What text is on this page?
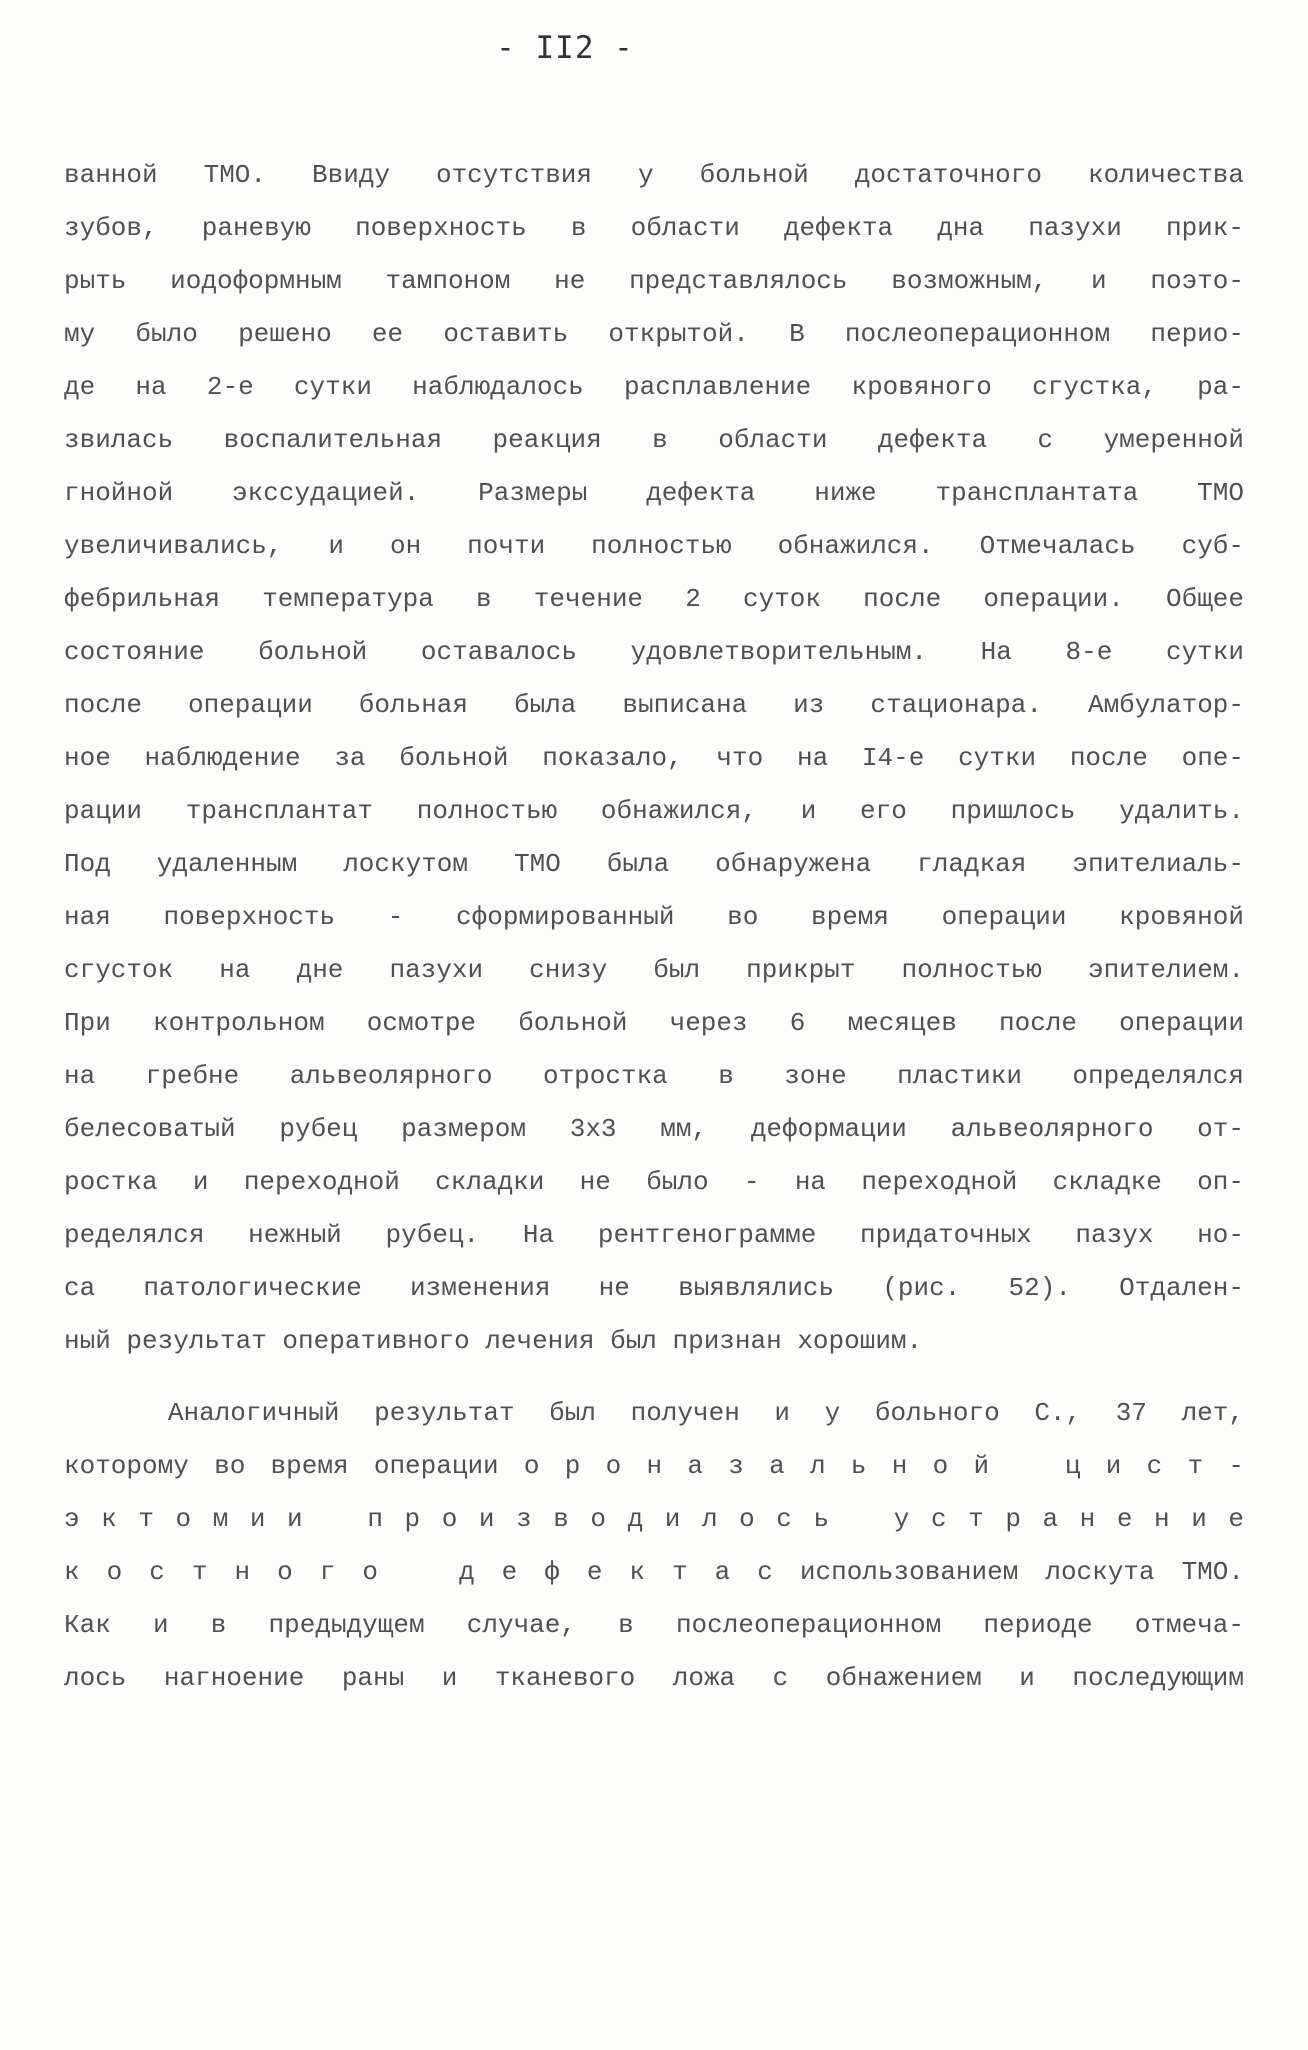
- II2 -
ванной ТМО. Ввиду отсутствия у больной достаточного количества
зубов, раневую поверхность в области дефекта дна пазухи прик-
рыть иодоформным тампоном не представлялось возможным, и поэто-
му было решено ее оставить открытой. В послеоперационном перио-
де на 2-е сутки наблюдалось расплавление кровяного сгустка, ра-
звилась воспалительная реакция в области дефекта с умеренной
гнойной экссудацией. Размеры дефекта ниже трансплантата ТМО
увеличивались, и он почти полностью обнажился. Отмечалась суб-
фебрильная температура в течение 2 суток после операции. Общее
состояние больной оставалось удовлетворительным. На 8-е сутки
после операции больная была выписана из стационара. Амбулатор-
ное наблюдение за больной показало, что на I4-е сутки после опе-
рации трансплантат полностью обнажился, и его пришлось удалить.
Под удаленным лоскутом ТМО была обнаружена гладкая эпителиаль-
ная поверхность - сформированный во время операции кровяной
сгусток на дне пазухи снизу был прикрыт полностью эпителием.
При контрольном осмотре больной через 6 месяцев после операции
на гребне альвеолярного отростка в зоне пластики определялся
белесоватый рубец размером 3х3 мм, деформации альвеолярного от-
ростка и переходной складки не было - на переходной складке оп-
ределялся нежный рубец. На рентгенограмме придаточных пазух но-
са патологические изменения не выявлялись (рис. 52). Отдален-
ный результат оперативного лечения был признан хорошим.
Аналогичный результат был получен и у больного С., 37 лет,
которому во время операции о р о н а з а л ь н о й   ц и с т -
э к т о м и и   п р о и з в о д и л о с ь   у с т р а н е н и е
к о с т н о г о   д е ф е к т а с использованием лоскута ТМО.
Как и в предыдущем случае, в послеоперационном периоде отмеча-
лось нагноение раны и тканевого ложа с обнажением и последующим
